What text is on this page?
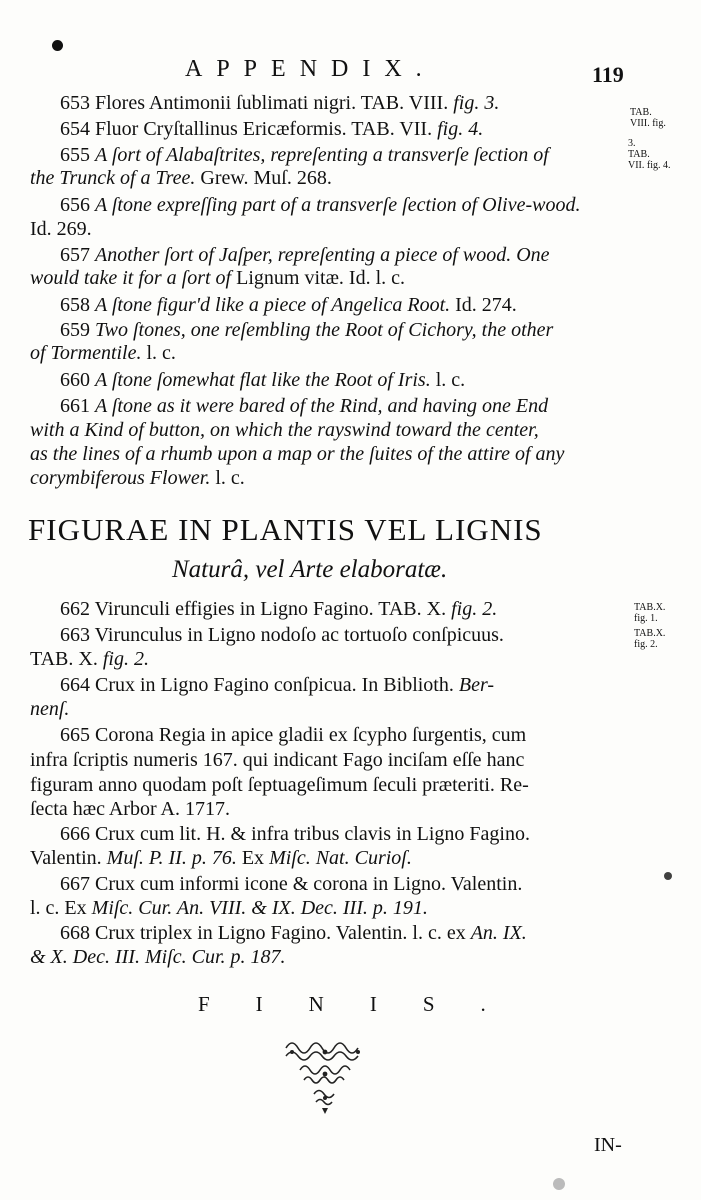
APPENDIX.	119
653 Flores Antimonii ſublimati nigri. TAB. VIII. fig. 3.
654 Fluor Cryſtallinus Ericæformis. TAB. VII. fig. 4.
655 A ſort of Alabaſtrites, repreſenting a transverſe ſection of
the Trunck of a Tree. Grew. Muſ. 268.
656 A ſtone expreſſing part of a transverſe ſection of Olive-wood.
Id. 269.
657 Another ſort of Jaſper, repreſenting a piece of wood. One
would take it for a ſort of Lignum vitæ. Id. l. c.
658 A ſtone figur'd like a piece of Angelica Root. Id. 274.
659 Two ſtones, one reſembling the Root of Cichory, the other
of Tormentile. l. c.
660 A ſtone ſomewhat flat like the Root of Iris. l. c.
661 A ſtone as it were bared of the Rind, and having one End
with a Kind of button, on which the rayswind toward the center,
as the lines of a rhumb upon a map or the ſuites of the attire of any
corymbiferous Flower. l. c.
TAB.
VIII. fig.
3.
TAB.
VII. fig. 4.
TAB.X.
fig. 1.
TAB.X.
fig. 2.
FIGURAE IN PLANTIS VEL LIGNIS
Naturâ, vel Arte elaboratæ.
662 Virunculi effigies in Ligno Fagino. TAB. X. fig. 2.
663 Virunculus in Ligno nodoſo ac tortuoſo conſpicuus.
TAB. X. fig. 2.
664 Crux in Ligno Fagino conſpicua. In Biblioth. Ber-
nenſ.
665 Corona Regia in apice gladii ex ſcypho ſurgentis, cum
infra ſcriptis numeris 167. qui indicant Fago inciſam eſſe hanc
figuram anno quodam poſt ſeptuageſimum ſeculi præteriti. Re-
ſecta hæc Arbor A. 1717.
666 Crux cum lit. H. & infra tribus clavis in Ligno Fagino.
Valentin. Muſ. P. II. p. 76. Ex Miſc. Nat. Curioſ.
667 Crux cum informi icone & corona in Ligno. Valentin.
l. c. Ex Miſc. Cur. An. VIII. & IX. Dec. III. p. 191.
668 Crux triplex in Ligno Fagino. Valentin. l. c. ex An. IX.
& X. Dec. III. Miſc. Cur. p. 187.
FINIS.
IN-
